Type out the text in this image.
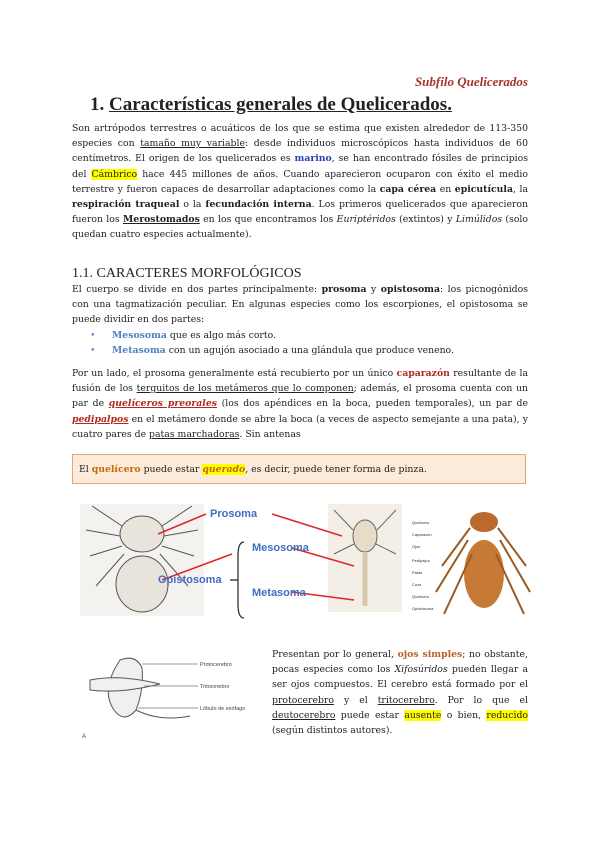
Subfilo Quelicerados
1. Características generales de Quelicerados.
Son artrópodos terrestres o acuáticos de los que se estima que existen alrededor de 113-350 especies con tamaño muy variable: desde individuos microscópicos hasta individuos de 60 centímetros. El origen de los quelicerados es marino, se han encontrado fósiles de principios del Cámbrico hace 445 millones de años. Cuando aparecieron ocuparon con éxito el medio terrestre y fueron capaces de desarrollar adaptaciones como la capa cérea en epicutícula, la respiración traqueal o la fecundación interna. Los primeros quelicerados que aparecieron fueron los Merostomados en los que encontramos los Euriptéridos (extintos) y Limúlidos (solo quedan cuatro especies actualmente).
1.1. CARACTERES MORFOLÓGICOS
El cuerpo se divide en dos partes principalmente: prosoma y opistosoma: los picnogónidos con una tagmatización peculiar. En algunas especies como los escorpiones, el opistosoma se puede dividir en dos partes:
• Mesosoma que es algo más corto.
• Metasoma con un agujón asociado a una glándula que produce veneno.
Por un lado, el prosoma generalmente está recubierto por un único caparazón resultante de la fusión de los terguitos de los metámeros que lo componen; además, el prosoma cuenta con un par de quelíceros preorales (los dos apéndices en la boca, pueden temporales), un par de pedipalpos en el metámero donde se abre la boca (a veces de aspecto semejante a una pata), y cuatro pares de patas marchadoras. Sin antenas
El quelícero puede estar querado, es decir, puede tener forma de pinza.
Quelícero
Caparazón
Ojos
Pedipalpo
Patas
Coxa
Quelicero
Opistosoma
Prosoma
Opistosoma
Mesosoma
Metasoma
Protocerebro
Tritocerebro
Lóbulo de esófago
A
Presentan por lo general, ojos simples; no obstante, pocas especies como los Xifosúridos pueden llegar a ser ojos compuestos. El cerebro está formado por el protocerebro y el tritocerebro. Por lo que el deutocerebro puede estar ausente o bien, reducido (según distintos autores).
